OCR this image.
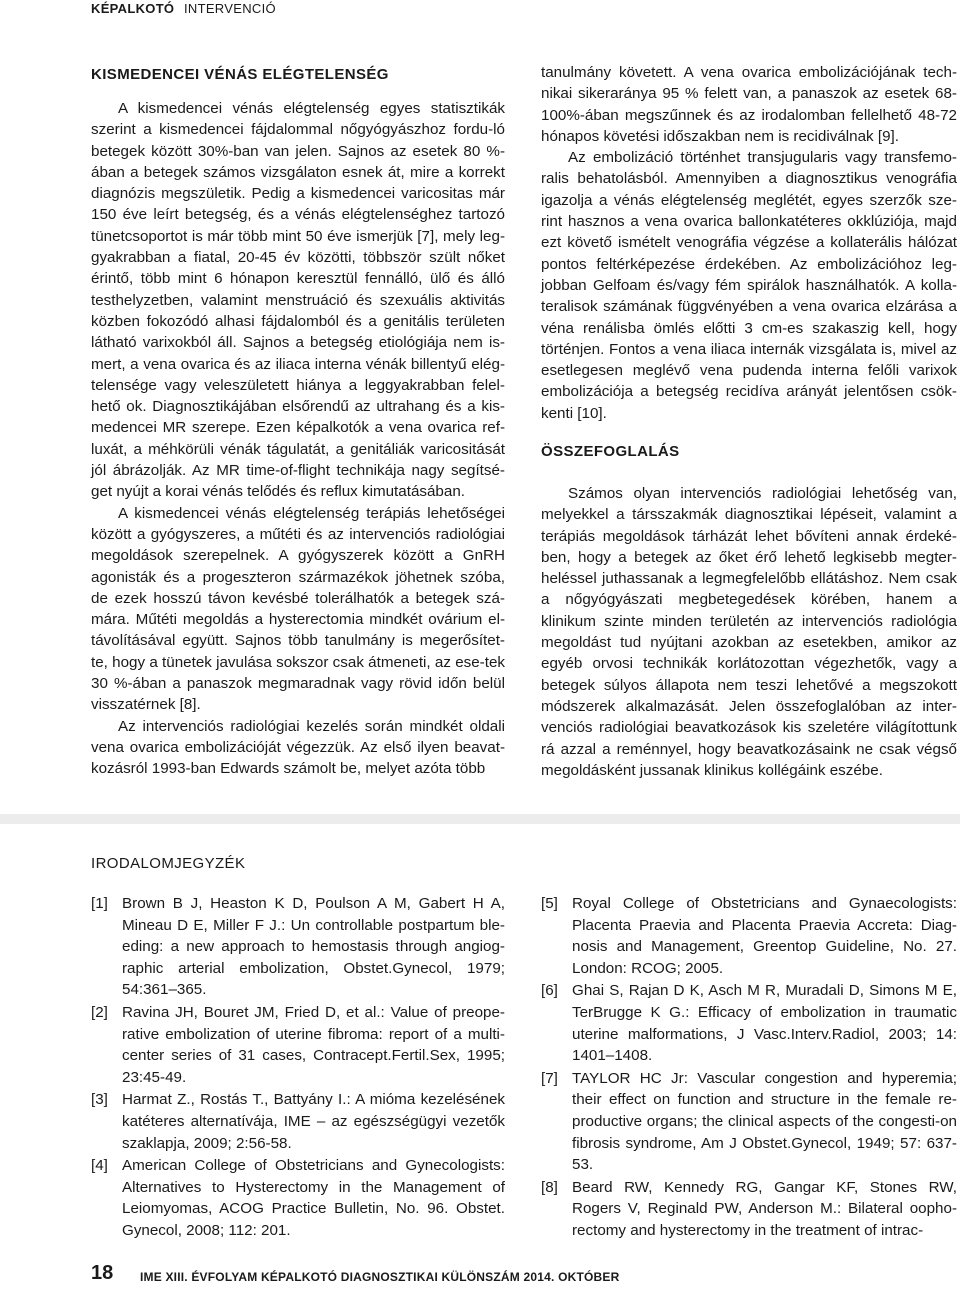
KÉPALKOTÓ INTERVENCIÓ
KISMEDENCEI VÉNÁS ELÉGTELENSÉG

A kismedencei vénás elégtelenség egyes statisztikák szerint a kismedencei fájdalommal nőgyógyászhoz fordu-ló betegek között 30%-ban van jelen. Sajnos az esetek 80 %-ában a betegek számos vizsgálaton esnek át, mire a korrekt diagnózis megszületik. Pedig a kismedencei varicositas már 150 éve leírt betegség, és a vénás elégtelenséghez tartozó tünetcsoportot is már több mint 50 éve ismerjük [7], mely leg-gyakrabban a fiatal, 20-45 év közötti, többször szült nőket érintő, több mint 6 hónapon keresztül fennálló, ülő és álló testhelyzetben, valamint menstruáció és szexuális aktivitás közben fokozódó alhasi fájdalomból és a genitális területen látható varixokból áll. Sajnos a betegség etiológiája nem is-mert, a vena ovarica és az iliaca interna vénák billentyű elég-telensége vagy veleszületett hiánya a leggyakrabban felel-hető ok. Diagnosztikájában elsőrendű az ultrahang és a kis-medencei MR szerepe. Ezen képalkotók a vena ovarica ref-luxát, a méhkörüli vénák tágulatát, a genitáliák varicositását jól ábrázolják. Az MR time-of-flight technikája nagy segítsé-get nyújt a korai vénás telődés és reflux kimutatásában.

A kismedencei vénás elégtelenség terápiás lehetőségei között a gyógyszeres, a műtéti és az intervenciós radiológiai megoldások szerepelnek. A gyógyszerek között a GnRH agonisták és a progeszteron származékok jöhetnek szóba, de ezek hosszú távon kevésbé tolerálhatók a betegek szá-mára. Műtéti megoldás a hysterectomia mindkét ovárium el-távolításával együtt. Sajnos több tanulmány is megerősítet-te, hogy a tünetek javulása sokszor csak átmeneti, az ese-tek 30 %-ában a panaszok megmaradnak vagy rövid időn belül visszatérnek [8].

Az intervenciós radiológiai kezelés során mindkét oldali vena ovarica embolizációját végezzük. Az első ilyen beavat-kozásról 1993-ban Edwards számolt be, melyet azóta több

tanulmány követett. A vena ovarica embolizációjának tech-nikai sikeraránya 95 % felett van, a panaszok az esetek 68-100%-ában megszűnnek és az irodalomban fellelhető 48-72 hónapos követési időszakban nem is recidiválnak [9].

Az embolizáció történhet transjugularis vagy transfemo-ralis behatolásból. Amennyiben a diagnosztikus venográfia igazolja a vénás elégtelenség meglétét, egyes szerzők sze-rint hasznos a vena ovarica ballonkatéteres okklúziója, majd ezt követő ismételt venográfia végzése a kollaterális hálózat pontos feltérképezése érdekében. Az embolizációhoz leg-jobban Gelfoam és/vagy fém spirálok használhatók. A kolla-teralisok számának függvényében a vena ovarica elzárása a véna renálisba ömlés előtti 3 cm-es szakaszig kell, hogy történjen. Fontos a vena iliaca internák vizsgálata is, mivel az esetlegesen meglévő vena pudenda interna felőli varixok embolizációja a betegség recidíva arányát jelentősen csök-kenti [10].

ÖSSZEFOGLALÁS

Számos olyan intervenciós radiológiai lehetőség van, melyekkel a társszakmák diagnosztikai lépéseit, valamint a terápiás megoldások tárházát lehet bővíteni annak érdeké-ben, hogy a betegek az őket érő lehető legkisebb megter-heléssel juthassanak a legmegfelelőbb ellátáshoz. Nem csak a nőgyógyászati megbetegedések körében, hanem a klinikum szinte minden területén az intervenciós radiológia megoldást tud nyújtani azokban az esetekben, amikor az egyéb orvosi technikák korlátozottan végezhetők, vagy a betegek súlyos állapota nem teszi lehetővé a megszokott módszerek alkalmazását. Jelen összefoglalóban az inter-venciós radiológiai beavatkozások kis szeletére világítottunk rá azzal a reménnyel, hogy beavatkozásaink ne csak végső megoldásként jussanak klinikus kollégáink eszébe.

IRODALOMJEGYZÉK
[1] Brown B J, Heaston K D, Poulson A M, Gabert H A, Mineau D E, Miller F J.: Un controllable postpartum ble-eding: a new approach to hemostasis through angiog-raphic arterial embolization, Obstet.Gynecol, 1979; 54:361–365.
[2] Ravina JH, Bouret JM, Fried D, et al.: Value of preope-rative embolization of uterine fibroma: report of a multi-center series of 31 cases, Contracept.Fertil.Sex, 1995; 23:45-49.
[3] Harmat Z., Rostás T., Battyány I.: A mióma kezelésének katéteres alternatívája, IME – az egészségügyi vezetők szaklapja, 2009; 2:56-58.
[4] American College of Obstetricians and Gynecologists: Alternatives to Hysterectomy in the Management of Leiomyomas, ACOG Practice Bulletin, No. 96. Obstet. Gynecol, 2008; 112: 201.
[5] Royal College of Obstetricians and Gynaecologists: Placenta Praevia and Placenta Praevia Accreta: Diag-nosis and Management, Greentop Guideline, No. 27. London: RCOG; 2005.
[6] Ghai S, Rajan D K, Asch M R, Muradali D, Simons M E, TerBrugge K G.: Efficacy of embolization in traumatic uterine malformations, J Vasc.Interv.Radiol, 2003; 14: 1401–1408.
[7] TAYLOR HC Jr: Vascular congestion and hyperemia; their effect on function and structure in the female re-productive organs; the clinical aspects of the congesti-on fibrosis syndrome, Am J Obstet.Gynecol, 1949; 57: 637-53.
[8] Beard RW, Kennedy RG, Gangar KF, Stones RW, Rogers V, Reginald PW, Anderson M.: Bilateral oopho-rectomy and hysterectomy in the treatment of intrac-
18 IME XIII. ÉVFOLYAM KÉPALKOTÓ DIAGNOSZTIKAI KÜLÖNSZÁM 2014. OKTÓBER
